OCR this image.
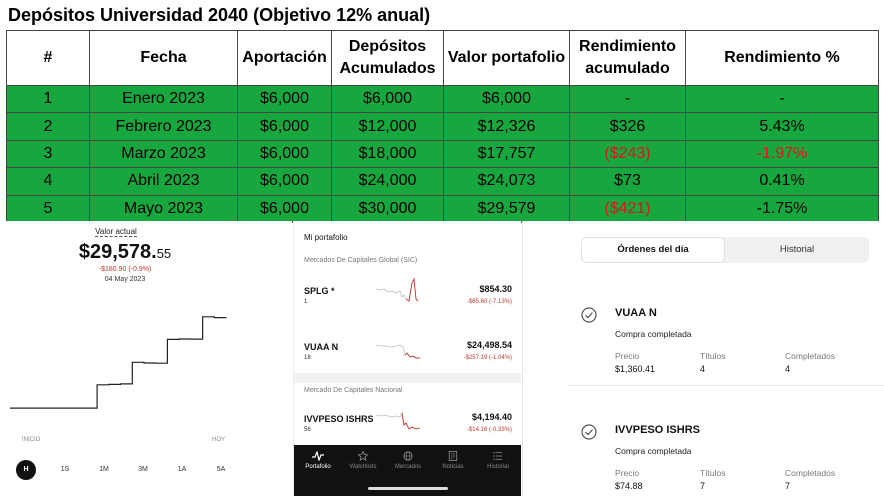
Depósitos Universidad 2040 (Objetivo 12% anual)
#	Fecha	Aportación	Depósitos Acumulados	Valor portafolio	Rendimiento acumulado	Rendimiento %
1	Enero 2023	$6,000	$6,000	$6,000	-	-
2	Febrero 2023	$6,000	$12,000	$12,326	$326	5.43%
3	Marzo 2023	$6,000	$18,000	$17,757	($243)	-1.97%
4	Abril 2023	$6,000	$24,000	$24,073	$73	0.41%
5	Mayo 2023	$6,000	$30,000	$29,579	($421)	-1.75%
Valor actual
$29,578.55
-$180.90 (-0.9%)
04 May 2023
INICIO	HOY
H	1S	1M	3M	1A	5A
Mi portafolio
Mercados De Capitales Global (SIC)
SPLG *
1
$854.30
-$65.60 (-7.13%)
VUAA N
18
$24,498.54
-$257.19 (-1.04%)
Mercado De Capitales Nacional
IVVPESO ISHRS
56
$4,194.40
-$14.16 (-0.33%)
Portafolio	Watchlists	Mercados	Noticias	Historial
Órdenes del día	Historial
VUAA N
Compra completada
Precio	Títulos	Completados
$1,360.41	4	4
IVVPESO ISHRS
Compra completada
Precio	Títulos	Completados
$74.88	7	7
